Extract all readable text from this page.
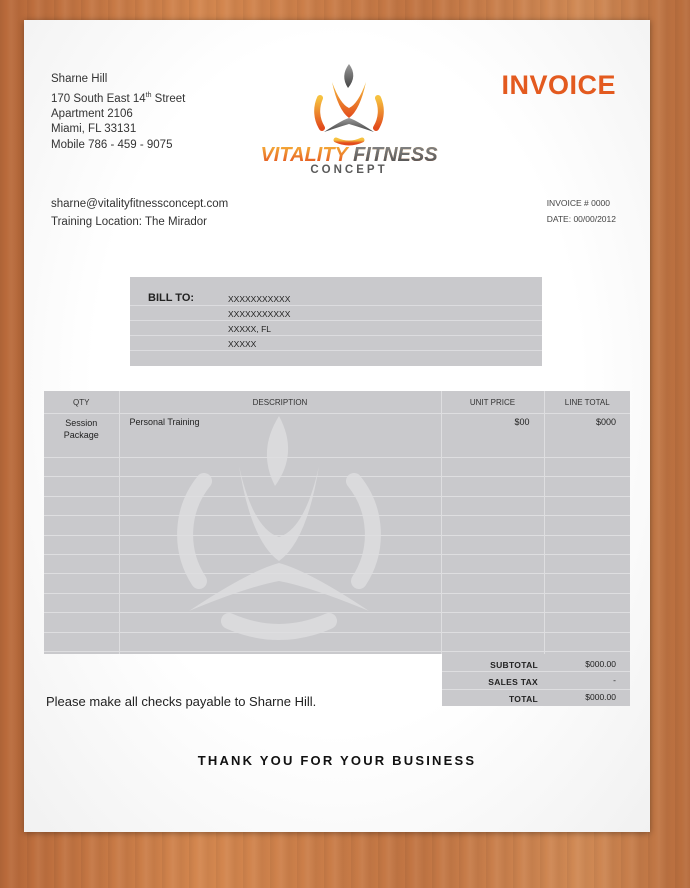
Sharne Hill
170 South East 14th Street
Apartment 2106
Miami, FL 33131
Mobile 786 - 459 - 9075
sharne@vitalityfitnessconcept.com
Training Location: The Mirador
VITALITY FITNESS
CONCEPT
INVOICE
INVOICE # 0000
DATE: 00/00/2012
BILL TO:	XXXXXXXXXXX
XXXXXXXXXXX
XXXXX, FL
XXXXX
QTY	DESCRIPTION	UNIT PRICE	LINE TOTAL

Session
Package	Personal Training	$00	$000

SUBTOTAL	$000.00
SALES TAX	-
TOTAL	$000.00
Please make all checks payable to Sharne Hill.
THANK YOU FOR YOUR BUSINESS
